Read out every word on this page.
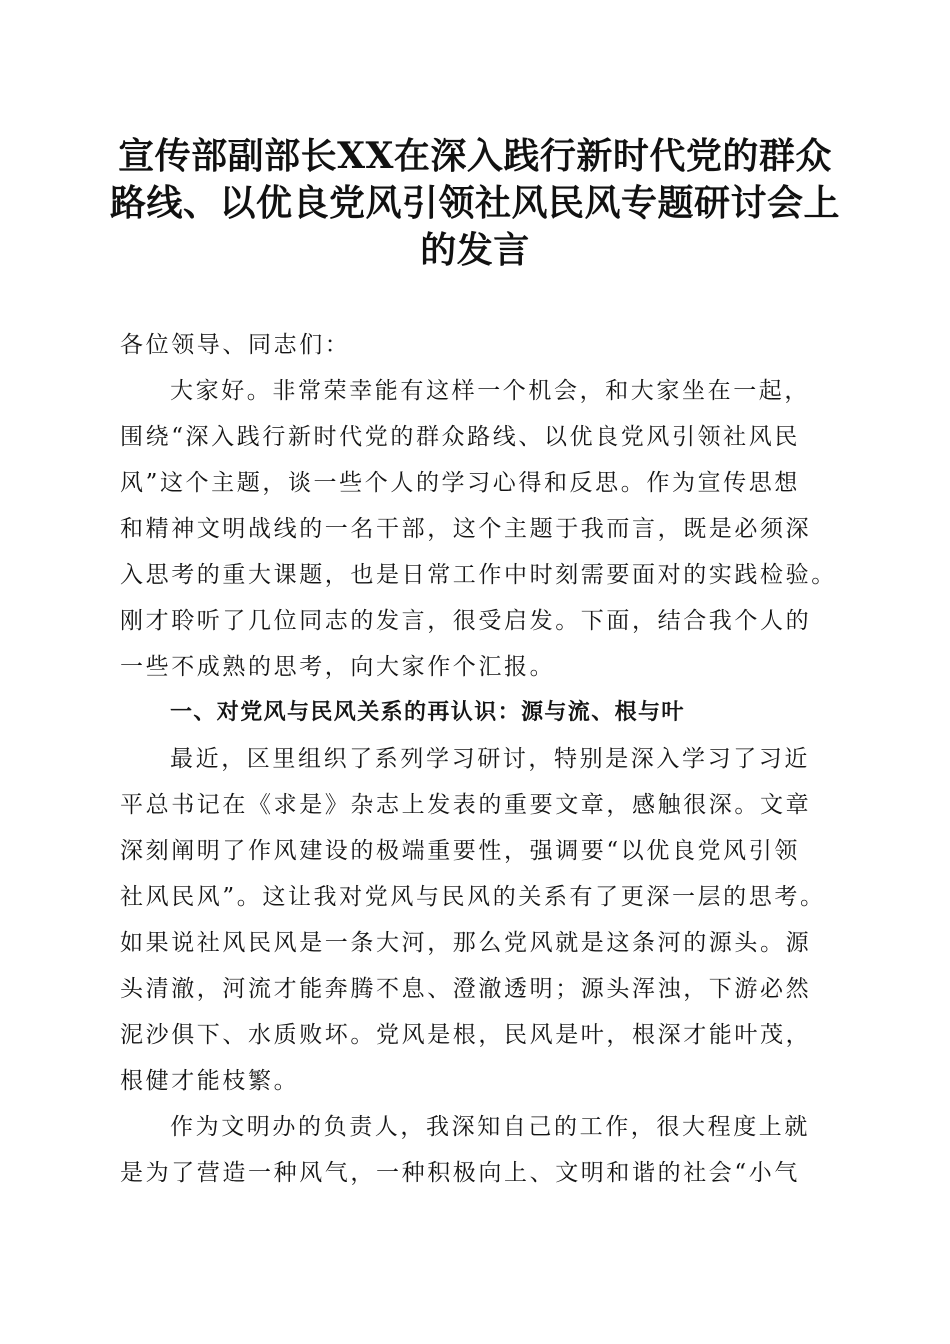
宣传部副部长XX在深入践行新时代党的群众
路线、以优良党风引领社风民风专题研讨会上
的发言
各位领导、同志们：
大家好。非常荣幸能有这样一个机会，和大家坐在一起，
围绕“深入践行新时代党的群众路线、以优良党风引领社风民
风”这个主题，谈一些个人的学习心得和反思。作为宣传思想
和精神文明战线的一名干部，这个主题于我而言，既是必须深
入思考的重大课题，也是日常工作中时刻需要面对的实践检验。
刚才聆听了几位同志的发言，很受启发。下面，结合我个人的
一些不成熟的思考，向大家作个汇报。
一、对党风与民风关系的再认识：源与流、根与叶
最近，区里组织了系列学习研讨，特别是深入学习了习近
平总书记在《求是》杂志上发表的重要文章，感触很深。文章
深刻阐明了作风建设的极端重要性，强调要“以优良党风引领
社风民风”。这让我对党风与民风的关系有了更深一层的思考。
如果说社风民风是一条大河，那么党风就是这条河的源头。源
头清澈，河流才能奔腾不息、澄澈透明；源头浑浊，下游必然
泥沙俱下、水质败坏。党风是根，民风是叶，根深才能叶茂，
根健才能枝繁。
作为文明办的负责人，我深知自己的工作，很大程度上就
是为了营造一种风气，一种积极向上、文明和谐的社会“小气
